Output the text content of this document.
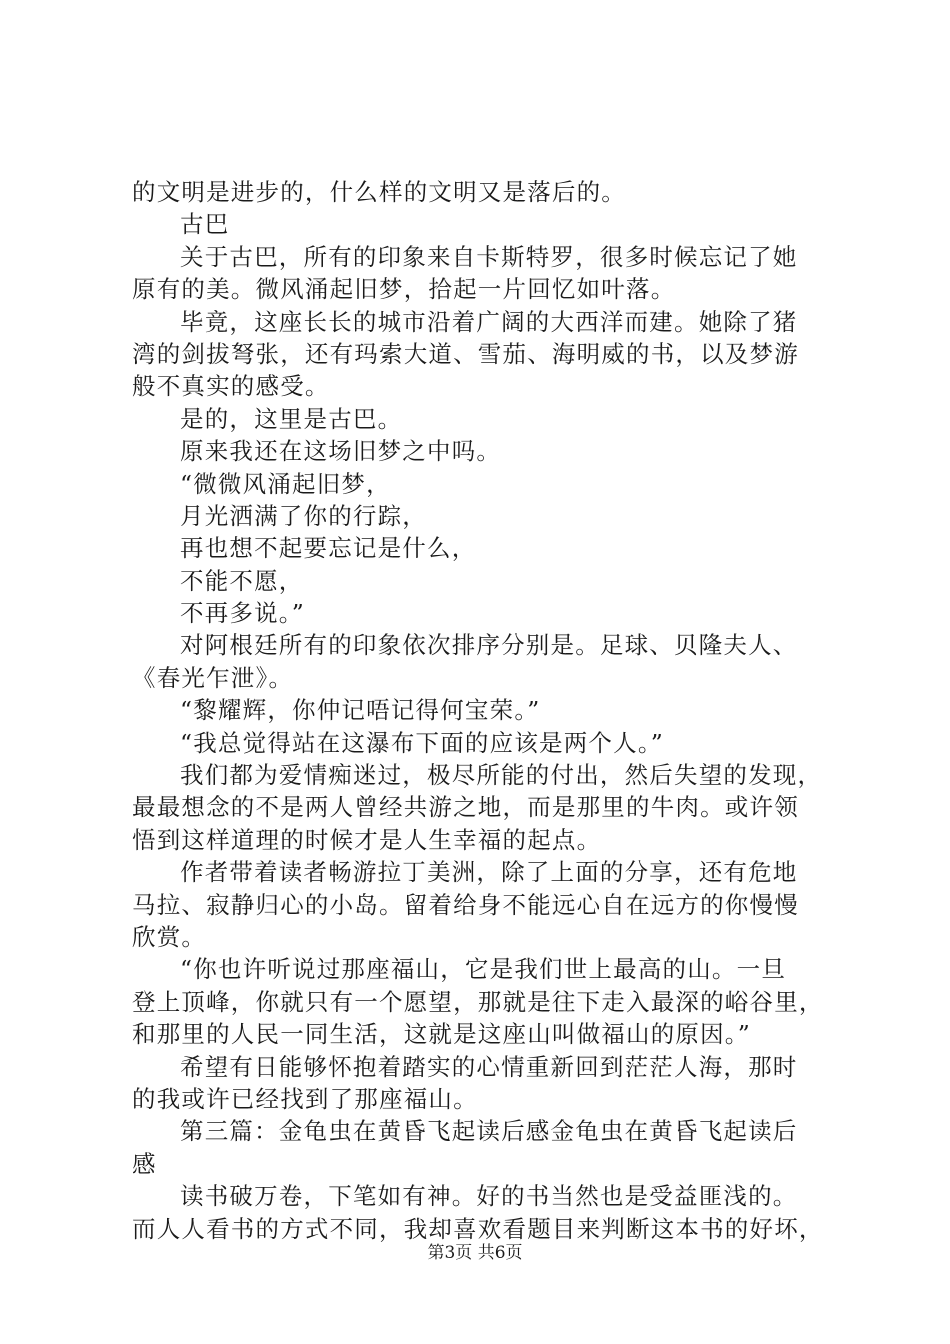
的文明是进步的，什么样的文明又是落后的。
古巴
关于古巴，所有的印象来自卡斯特罗，很多时候忘记了她
原有的美。微风涌起旧梦，拾起一片回忆如叶落。
毕竟，这座长长的城市沿着广阔的大西洋而建。她除了猪
湾的剑拔弩张，还有玛索大道、雪茄、海明威的书，以及梦游
般不真实的感受。
是的，这里是古巴。
原来我还在这场旧梦之中吗。
“微微风涌起旧梦，
月光洒满了你的行踪，
再也想不起要忘记是什么，
不能不愿，
不再多说。”
对阿根廷所有的印象依次排序分别是。足球、贝隆夫人、
《春光乍泄》。
“黎耀辉，你仲记唔记得何宝荣。”
“我总觉得站在这瀑布下面的应该是两个人。”
我们都为爱情痴迷过，极尽所能的付出，然后失望的发现，
最最想念的不是两人曾经共游之地，而是那里的牛肉。或许领
悟到这样道理的时候才是人生幸福的起点。
作者带着读者畅游拉丁美洲，除了上面的分享，还有危地
马拉、寂静归心的小岛。留着给身不能远心自在远方的你慢慢
欣赏。
“你也许听说过那座福山，它是我们世上最高的山。一旦
登上顶峰，你就只有一个愿望，那就是往下走入最深的峪谷里，
和那里的人民一同生活，这就是这座山叫做福山的原因。”
希望有日能够怀抱着踏实的心情重新回到茫茫人海，那时
的我或许已经找到了那座福山。
第三篇：金龟虫在黄昏飞起读后感金龟虫在黄昏飞起读后
感
读书破万卷，下笔如有神。好的书当然也是受益匪浅的。
而人人看书的方式不同，我却喜欢看题目来判断这本书的好坏，
第3页 共6页
